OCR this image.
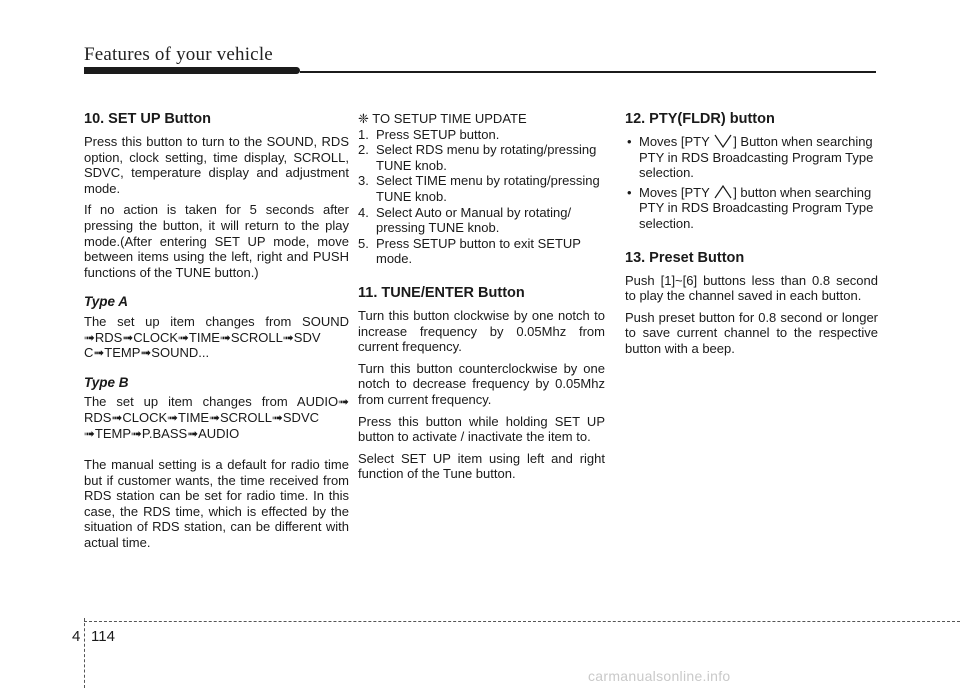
Features of your vehicle
10. SET UP Button

Press this button to turn to the SOUND, RDS option, clock setting, time display, SCROLL, SDVC, temperature display and adjustment mode.

If no action is taken for 5 seconds after pressing the button, it will return to the play mode.(After entering SET UP mode, move between items using the left, right and PUSH functions of the TUNE button.)

Type A

The set up item changes from SOUND ➟RDS➟CLOCK➟TIME➟SCROLL➟SDV C➟TEMP➟SOUND...

Type B

The set up item changes from AUDIO➟ RDS➟CLOCK➟TIME➟SCROLL➟SDVC ➟TEMP➟P.BASS➟AUDIO

The manual setting is a default for radio time but if customer wants, the time received from RDS station can be set for radio time. In this case, the RDS time, which is effected by the situation of RDS station, can be different with actual time.

❈ TO SETUP TIME UPDATE
1. Press SETUP button.
2. Select RDS menu by rotating/pressing TUNE knob.
3. Select TIME menu by rotating/pressing TUNE knob.
4. Select Auto or Manual by rotating/ pressing TUNE knob.
5. Press SETUP button to exit SETUP mode.
11. TUNE/ENTER Button

Turn this button clockwise by one notch to increase frequency by 0.05Mhz from current frequency.

Turn this button counterclockwise by one notch to decrease frequency by 0.05Mhz from current frequency.

Press this button while holding SET UP button to activate / inactivate the item to.

Select SET UP item using left and right function of the Tune button.

12. PTY(FLDR) button
• Moves [PTY ] Button when searching PTY in RDS Broadcasting Program Type selection.
• Moves [PTY ] button when searching PTY in RDS Broadcasting Program Type selection.
13. Preset Button

Push [1]~[6] buttons less than 0.8 second to play the channel saved in each button.

Push preset button for 0.8 second or longer to save current channel to the respective button with a beep.

4 114
carmanualsonline.info
